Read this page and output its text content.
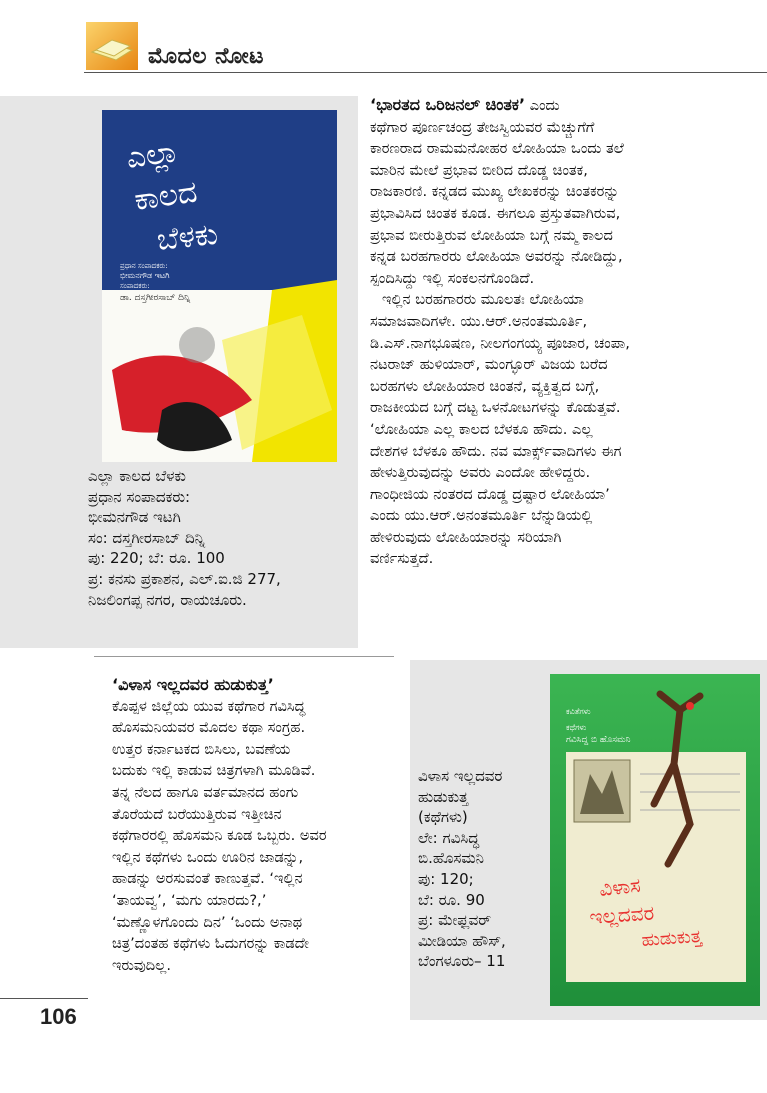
ಮೊದಲ ನೋಟ
ಎಲ್ಲಾ
ಕಾಲದ
ಬೆಳಕು
ಪ್ರಧಾನ ಸಂಪಾದಕರು:
ಭೀಮನಗೌಡ ಇಟಗಿ
ಸಂಪಾದಕರು:
ಡಾ. ದಸ್ತಗೀರಸಾಬ್ ದಿನ್ನಿ
ಎಲ್ಲಾ ಕಾಲದ ಬೆಳಕು
ಪ್ರಧಾನ ಸಂಪಾದಕರು:
ಭೀಮನಗೌಡ ಇಟಗಿ
ಸಂ: ದಸ್ತಗೀರಸಾಬ್ ದಿನ್ನಿ
ಪು: 220; ಬೆ: ರೂ. 100
ಪ್ರ: ಕನಸು ಪ್ರಕಾಶನ, ಎಲ್.ಐ.ಜಿ 277,
ನಿಜಲಿಂಗಪ್ಪ ನಗರ, ರಾಯಚೂರು.
‘ಭಾರತದ ಒರಿಜನಲ್ ಚಿಂತಕ’ ಎಂದು
ಕಥೆಗಾರ ಪೂರ್ಣಚಂದ್ರ ತೇಜಸ್ವಿಯವರ ಮೆಚ್ಚುಗೆಗೆ
ಕಾರಣರಾದ ರಾಮಮನೋಹರ ಲೋಹಿಯಾ ಒಂದು ತಲೆ
ಮಾರಿನ ಮೇಲೆ ಪ್ರಭಾವ ಬೀರಿದ ದೊಡ್ಡ ಚಿಂತಕ,
ರಾಜಕಾರಣಿ. ಕನ್ನಡದ ಮುಖ್ಯ ಲೇಖಕರನ್ನು ಚಿಂತಕರನ್ನು
ಪ್ರಭಾವಿಸಿದ ಚಿಂತಕ ಕೂಡ. ಈಗಲೂ ಪ್ರಸ್ತುತವಾಗಿರುವ,
ಪ್ರಭಾವ ಬೀರುತ್ತಿರುವ ಲೋಹಿಯಾ ಬಗ್ಗೆ ನಮ್ಮ ಕಾಲದ
ಕನ್ನಡ ಬರಹಗಾರರು ಲೋಹಿಯಾ ಅವರನ್ನು ನೋಡಿದ್ದು,
ಸ್ಪಂದಿಸಿದ್ದು ಇಲ್ಲಿ ಸಂಕಲನಗೊಂಡಿದೆ.
ಇಲ್ಲಿನ ಬರಹಗಾರರು ಮೂಲತಃ ಲೋಹಿಯಾ
ಸಮಾಜವಾದಿಗಳೇ. ಯು.ಆರ್.ಅನಂತಮೂರ್ತಿ,
ಡಿ.ಎಸ್.ನಾಗಭೂಷಣ, ನೀಲಗಂಗಯ್ಯ ಪೂಜಾರ, ಚಂಪಾ,
ನಟರಾಜ್ ಹುಳಿಯಾರ್, ಮಂಗ್ಳೂರ್ ವಿಜಯ ಬರೆದ
ಬರಹಗಳು ಲೋಹಿಯಾರ ಚಿಂತನೆ, ವ್ಯಕ್ತಿತ್ವದ ಬಗ್ಗೆ,
ರಾಜಕೀಯದ ಬಗ್ಗೆ ದಟ್ಟ ಒಳನೋಟಗಳನ್ನು ಕೊಡುತ್ತವೆ.
‘ಲೋಹಿಯಾ ಎಲ್ಲ ಕಾಲದ ಬೆಳಕೂ ಹೌದು. ಎಲ್ಲ
ದೇಶಗಳ ಬೆಳಕೂ ಹೌದು. ನವ ಮಾರ್ಕ್ಸ್‌ವಾದಿಗಳು ಈಗ
ಹೇಳುತ್ತಿರುವುದನ್ನು ಅವರು ಎಂದೋ ಹೇಳಿದ್ದರು.
ಗಾಂಧೀಜಿಯ ನಂತರದ ದೊಡ್ಡ ದ್ರಷ್ಟಾರ ಲೋಹಿಯಾ’
ಎಂದು ಯು.ಆರ್.ಅನಂತಮೂರ್ತಿ ಬೆನ್ನುಡಿಯಲ್ಲಿ
ಹೇಳಿರುವುದು ಲೋಹಿಯಾರನ್ನು ಸರಿಯಾಗಿ
ವರ್ಣಿಸುತ್ತದೆ.
‘ವಿಳಾಸ ಇಲ್ಲದವರ ಹುಡುಕುತ್ತ’
ಕೊಪ್ಪಳ ಜಿಲ್ಲೆಯ ಯುವ ಕಥೆಗಾರ ಗವಿಸಿದ್ಧ
ಹೊಸಮನಿಯವರ ಮೊದಲ ಕಥಾ ಸಂಗ್ರಹ.
ಉತ್ತರ ಕರ್ನಾಟಕದ ಬಿಸಿಲು, ಬವಣೆಯ
ಬದುಕು ಇಲ್ಲಿ ಕಾಡುವ ಚಿತ್ರಗಳಾಗಿ ಮೂಡಿವೆ.
ತನ್ನ ನೆಲದ ಹಾಗೂ ವರ್ತಮಾನದ ಹಂಗು
ತೊರೆಯದೆ ಬರೆಯುತ್ತಿರುವ ಇತ್ತೀಚಿನ
ಕಥೆಗಾರರಲ್ಲಿ ಹೊಸಮನಿ ಕೂಡ ಒಬ್ಬರು. ಅವರ
ಇಲ್ಲಿನ ಕಥೆಗಳು ಒಂದು ಊರಿನ ಜಾಡನ್ನು,
ಹಾಡನ್ನು ಅರಸುವಂತೆ ಕಾಣುತ್ತವೆ. ‘ಇಲ್ಲಿನ
‘ತಾಯವ್ವ’, ‘ಮಗು ಯಾರದು?,’
‘ಮಣ್ಣೊಳಗೊಂದು ದಿನ’ ‘ಒಂದು ಅನಾಥ
ಚಿತ್ರ’ದಂತಹ ಕಥೆಗಳು ಓದುಗರನ್ನು ಕಾಡದೇ
ಇರುವುದಿಲ್ಲ.
ವಿಳಾಸ ಇಲ್ಲದವರ
ಹುಡುಕುತ್ತ
(ಕಥೆಗಳು)
ಲೇ: ಗವಿಸಿದ್ಧ
ಬಿ.ಹೊಸಮನಿ
ಪು: 120;
ಬೆ: ರೂ. 90
ಪ್ರ: ಮೇಫ್ಲವರ್
ಮೀಡಿಯಾ ಹೌಸ್,
ಬೆಂಗಳೂರು– 11
ಕವಿತೆಗಳು
ಕಥೆಗಳು
ಗವಿಸಿದ್ದ ಬಿ ಹೊಸಮನಿ
ವಿಳಾಸ
ಇಲ್ಲದವರ
ಹುಡುಕುತ್ತ
106
